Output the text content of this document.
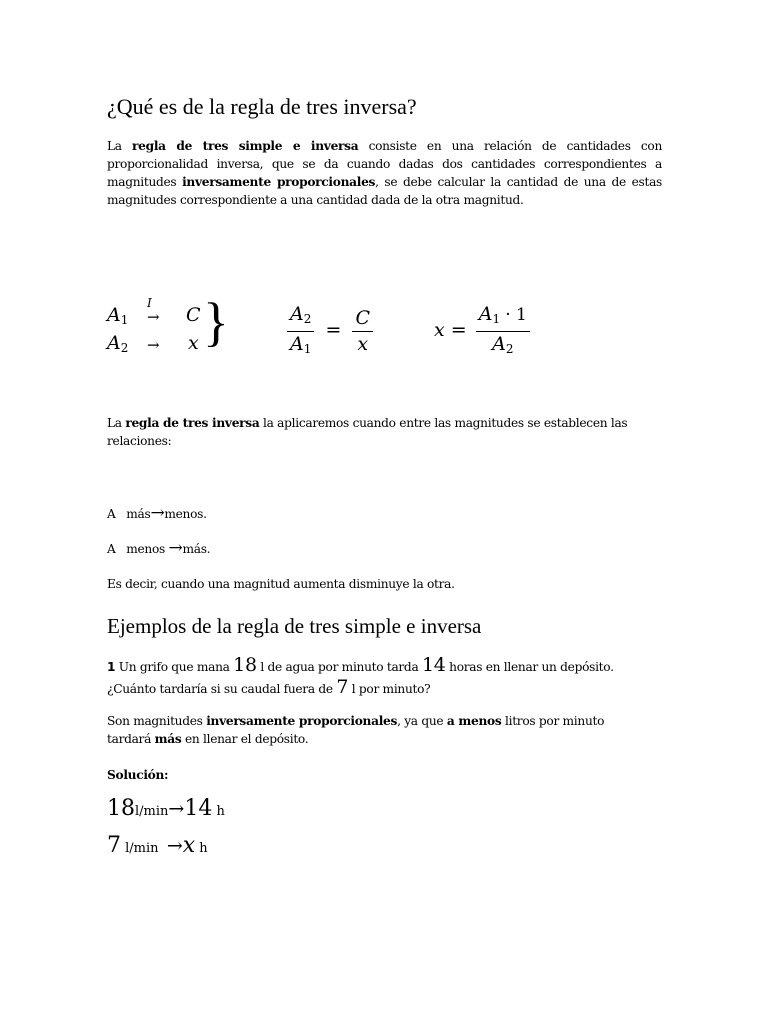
¿Qué es de la regla de tres inversa?
La regla de tres simple e inversa consiste en una relación de cantidades con proporcionalidad inversa, que se da cuando dadas dos cantidades correspondientes a magnitudes inversamente proporcionales, se debe calcular la cantidad de una de estas magnitudes correspondiente a una cantidad dada de la otra magnitud.
$A_1$
I
→ C
$A_2 \to x$ }	$\frac{A_2}{A_1} = \frac{C}{x}$	$x = \frac{A_1 \cdot 1}{A_2}$
La regla de tres inversa la aplicaremos cuando entre las magnitudes se establecen las relaciones:
A más→menos.
A menos →más.
Es decir, cuando una magnitud aumenta disminuye la otra.
Ejemplos de la regla de tres simple e inversa
1 Un grifo que mana 18 l de agua por minuto tarda 14 horas en llenar un depósito.
¿Cuánto tardaría si su caudal fuera de 7 l por minuto?
Son magnitudes inversamente proporcionales, ya que a menos litros por minuto tardará más en llenar el depósito.
Solución:
18l/min→14 h
7 l/min →x h
